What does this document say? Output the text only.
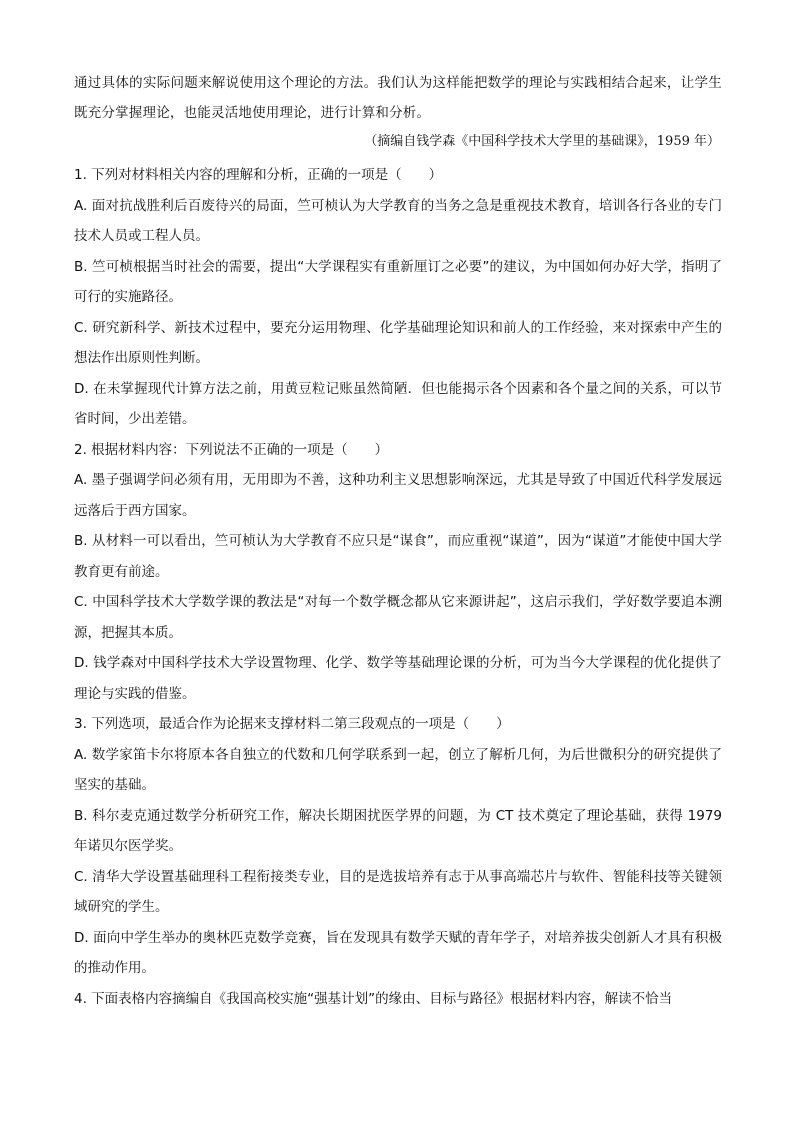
通过具体的实际问题来解说使用这个理论的方法。我们认为这样能把数学的理论与实践相结合起来，让学生既充分掌握理论，也能灵活地使用理论，进行计算和分析。

（摘编自钱学森《中国科学技术大学里的基础课》，1959 年）

1. 下列对材料相关内容的理解和分析，正确的一项是（　　）

A. 面对抗战胜利后百废待兴的局面，竺可桢认为大学教育的当务之急是重视技术教育，培训各行各业的专门技术人员或工程人员。

B. 竺可桢根据当时社会的需要，提出“大学课程实有重新厘订之必要”的建议，为中国如何办好大学，指明了可行的实施路径。

C. 研究新科学、新技术过程中，要充分运用物理、化学基础理论知识和前人的工作经验，来对探索中产生的想法作出原则性判断。

D. 在未掌握现代计算方法之前，用黄豆粒记账虽然简陋．但也能揭示各个因素和各个量之间的关系，可以节省时间，少出差错。

2. 根据材料内容：下列说法不正确的一项是（　　）

A. 墨子强调学问必须有用，无用即为不善，这种功利主义思想影响深远，尤其是导致了中国近代科学发展远远落后于西方国家。

B. 从材料一可以看出，竺可桢认为大学教育不应只是“谋食”，而应重视“谋道”，因为“谋道”才能使中国大学教育更有前途。

C. 中国科学技术大学数学课的教法是“对每一个数学概念都从它来源讲起”，这启示我们，学好数学要追本溯源，把握其本质。

D. 钱学森对中国科学技术大学设置物理、化学、数学等基础理论课的分析，可为当今大学课程的优化提供了理论与实践的借鉴。

3. 下列选项，最适合作为论据来支撑材料二第三段观点的一项是（　　）

A. 数学家笛卡尔将原本各自独立的代数和几何学联系到一起，创立了解析几何，为后世微积分的研究提供了坚实的基础。

B. 科尔麦克通过数学分析研究工作，解决长期困扰医学界的问题，为 CT 技术奠定了理论基础，获得 1979 年诺贝尔医学奖。

C. 清华大学设置基础理科工程衔接类专业，目的是选拔培养有志于从事高端芯片与软件、智能科技等关键领域研究的学生。

D. 面向中学生举办的奥林匹克数学竞赛，旨在发现具有数学天赋的青年学子，对培养拔尖创新人才具有积极的推动作用。

4. 下面表格内容摘编自《我国高校实施“强基计划”的缘由、目标与路径》根据材料内容，解读不恰当
